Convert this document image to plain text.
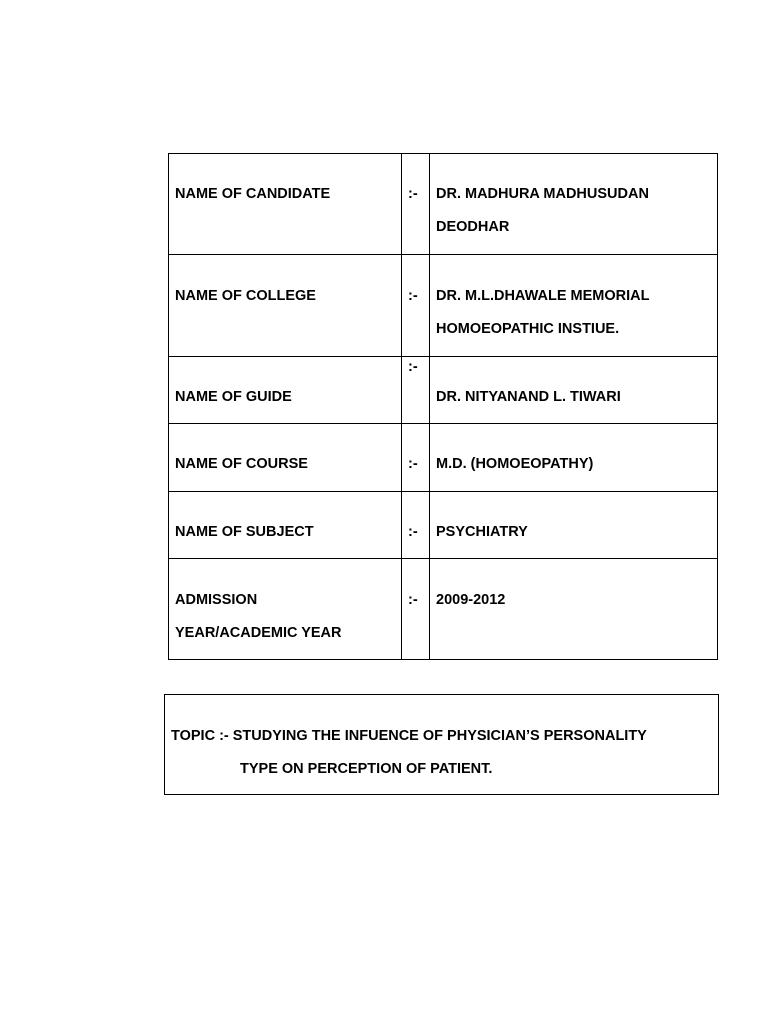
NAME OF CANDIDATE	:-	DR. MADHURA MADHUSUDAN
DEODHAR

NAME OF COLLEGE	:-	DR. M.L.DHAWALE MEMORIAL
HOMOEOPATHIC INSTIUE.

NAME OF GUIDE	:-	DR. NITYANAND L. TIWARI

NAME OF COURSE	:-	M.D. (HOMOEOPATHY)

NAME OF SUBJECT	:-	PSYCHIATRY

ADMISSION
YEAR/ACADEMIC YEAR	:-	2009-2012
TOPIC :- STUDYING THE INFUENCE OF PHYSICIAN’S PERSONALITY
TYPE ON PERCEPTION OF PATIENT.
